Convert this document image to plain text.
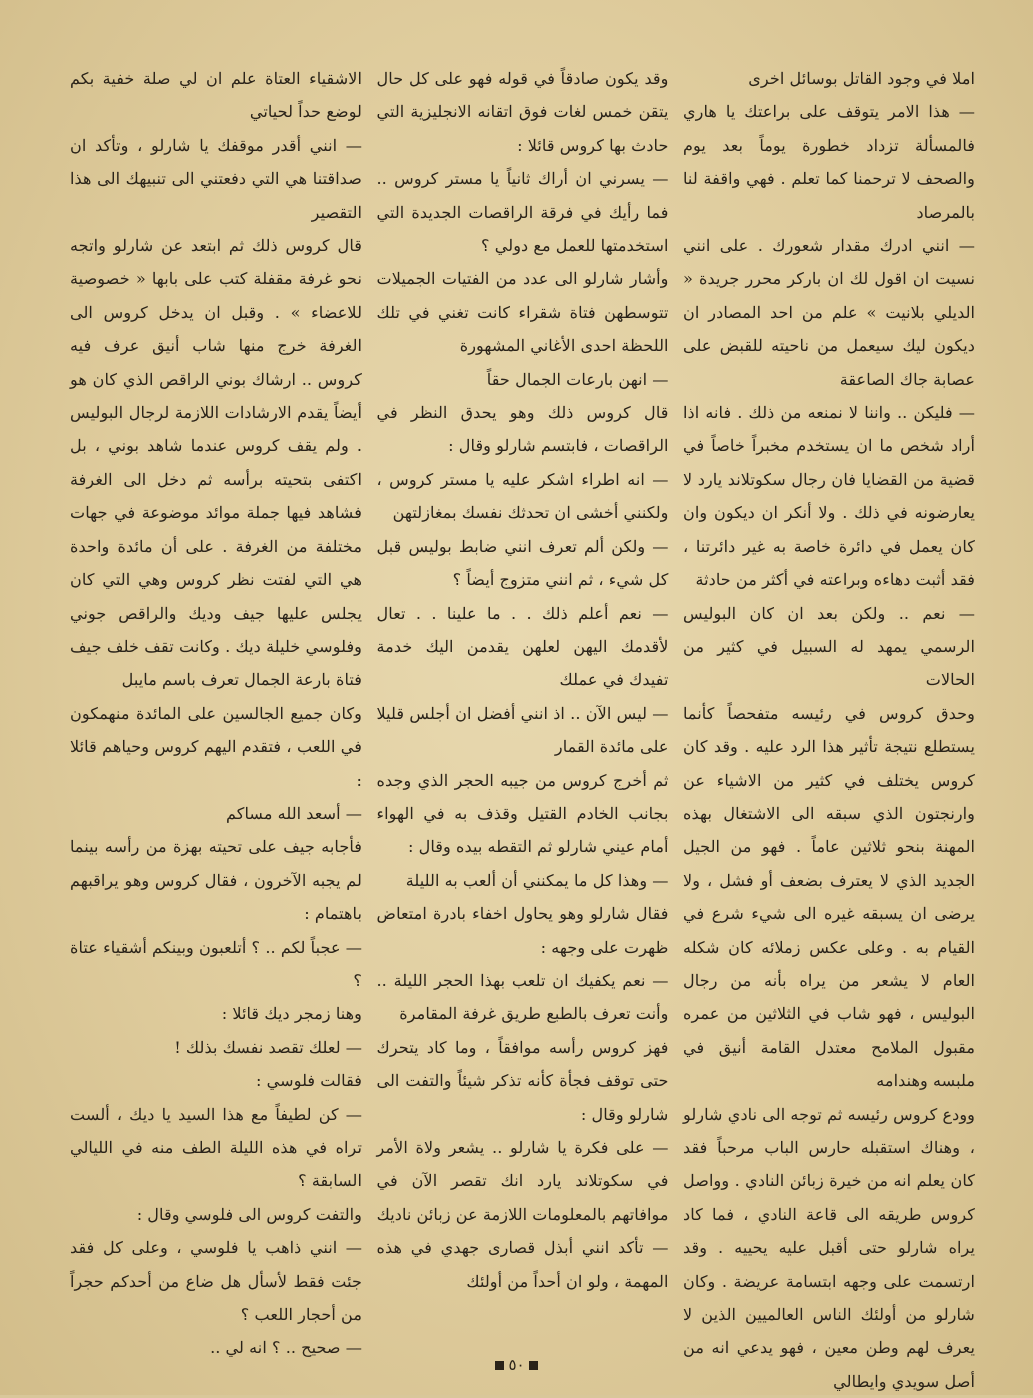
املا في وجود القاتل بوسائل اخرى

— هذا الامر يتوقف على براعتك يا هاري فالمسألة تزداد خطورة يوماً بعد يوم والصحف لا ترحمنا كما تعلم . فهي واقفة لنا بالمرصاد

— انني ادرك مقدار شعورك . على انني نسيت ان اقول لك ان باركر محرر جريدة « الديلي بلانيت » علم من احد المصادر ان ديكون ليك سيعمل من ناحيته للقبض على عصابة جاك الصاعقة

— فليكن .. واننا لا نمنعه من ذلك . فانه اذا أراد شخص ما ان يستخدم مخبراً خاصاً في قضية من القضايا فان رجال سكوتلاند يارد لا يعارضونه في ذلك . ولا أنكر ان ديكون وان كان يعمل في دائرة خاصة به غير دائرتنا ، فقد أثبت دهاءه وبراعته في أكثر من حادثة

— نعم .. ولكن بعد ان كان البوليس الرسمي يمهد له السبيل في كثير من الحالات

وحدق كروس في رئيسه متفحصاً كأنما يستطلع نتيجة تأثير هذا الرد عليه . وقد كان كروس يختلف في كثير من الاشياء عن وارنجتون الذي سبقه الى الاشتغال بهذه المهنة بنحو ثلاثين عاماً . فهو من الجيل الجديد الذي لا يعترف بضعف أو فشل ، ولا يرضى ان يسبقه غيره الى شيء شرع في القيام به . وعلى عكس زملائه كان شكله العام لا يشعر من يراه بأنه من رجال البوليس ، فهو شاب في الثلاثين من عمره مقبول الملامح معتدل القامة أنيق في ملبسه وهندامه

وودع كروس رئيسه ثم توجه الى نادي شارلو ، وهناك استقبله حارس الباب مرحباً فقد كان يعلم انه من خيرة زبائن النادي . وواصل كروس طريقه الى قاعة النادي ، فما كاد يراه شارلو حتى أقبل عليه يحييه . وقد ارتسمت على وجهه ابتسامة عريضة . وكان شارلو من أولئك الناس العالميين الذين لا يعرف لهم وطن معين ، فهو يدعي انه من أصل سويدي وايطالي

وقد يكون صادقاً في قوله فهو على كل حال يتقن خمس لغات فوق اتقانه الانجليزية التي حادث بها كروس قائلا :

— يسرني ان أراك ثانياً يا مستر كروس .. فما رأيك في فرقة الراقصات الجديدة التي استخدمتها للعمل مع دولي ؟

وأشار شارلو الى عدد من الفتيات الجميلات تتوسطهن فتاة شقراء كانت تغني في تلك اللحظة احدى الأغاني المشهورة

— انهن بارعات الجمال حقاً

قال كروس ذلك وهو يحدق النظر في الراقصات ، فابتسم شارلو وقال :

— انه اطراء اشكر عليه يا مستر كروس ، ولكنني أخشى ان تحدثك نفسك بمغازلتهن

— ولكن ألم تعرف انني ضابط بوليس قبل كل شيء ، ثم انني متزوج أيضاً ؟

— نعم أعلم ذلك . . ما علينا . . تعال لأقدمك اليهن لعلهن يقدمن اليك خدمة تفيدك في عملك

— ليس الآن .. اذ انني أفضل ان أجلس قليلا على مائدة القمار

ثم أخرج كروس من جيبه الحجر الذي وجده بجانب الخادم القتيل وقذف به في الهواء أمام عيني شارلو ثم التقطه بيده وقال :

— وهذا كل ما يمكنني أن ألعب به الليلة

فقال شارلو وهو يحاول اخفاء بادرة امتعاض ظهرت على وجهه :

— نعم يكفيك ان تلعب بهذا الحجر الليلة .. وأنت تعرف بالطبع طريق غرفة المقامرة

فهز كروس رأسه موافقاً ، وما كاد يتحرك حتى توقف فجأة كأنه تذكر شيئاً والتفت الى شارلو وقال :

— على فكرة يا شارلو .. يشعر ولاة الأمر في سكوتلاند يارد انك تقصر الآن في موافاتهم بالمعلومات اللازمة عن زبائن ناديك

— تأكد انني أبذل قصارى جهدي في هذه المهمة ، ولو ان أحداً من أولئك

الاشقياء العتاة علم ان لي صلة خفية بكم لوضع حداً لحياتي

— انني أقدر موقفك يا شارلو ، وتأكد ان صداقتنا هي التي دفعتني الى تنبيهك الى هذا التقصير

قال كروس ذلك ثم ابتعد عن شارلو واتجه نحو غرفة مقفلة كتب على بابها « خصوصية للاعضاء » . وقبل ان يدخل كروس الى الغرفة خرج منها شاب أنيق عرف فيه كروس .. ارشاك بوني الراقص الذي كان هو أيضاً يقدم الارشادات اللازمة لرجال البوليس . ولم يقف كروس عندما شاهد بوني ، بل اكتفى بتحيته برأسه ثم دخل الى الغرفة فشاهد فيها جملة موائد موضوعة في جهات مختلفة من الغرفة . على أن مائدة واحدة هي التي لفتت نظر كروس وهي التي كان يجلس عليها جيف وديك والراقص جوني وفلوسي خليلة ديك . وكانت تقف خلف جيف فتاة بارعة الجمال تعرف باسم مايبل

وكان جميع الجالسين على المائدة منهمكون في اللعب ، فتقدم اليهم كروس وحياهم قائلا :

— أسعد الله مساكم

فأجابه جيف على تحيته بهزة من رأسه بينما لم يجبه الآخرون ، فقال كروس وهو يراقبهم باهتمام :

— عجباً لكم .. ؟ أتلعبون وبينكم أشقياء عتاة ؟

وهنا زمجر ديك قائلا :

— لعلك تقصد نفسك بذلك !

فقالت فلوسي :

— كن لطيفاً مع هذا السيد يا ديك ، ألست تراه في هذه الليلة الطف منه في الليالي السابقة ؟

والتفت كروس الى فلوسي وقال :

— انني ذاهب يا فلوسي ، وعلى كل فقد جئت فقط لأسأل هل ضاع من أحدكم حجراً من أحجار اللعب ؟

— صحيح .. ؟ انه لي ..

٥٠
